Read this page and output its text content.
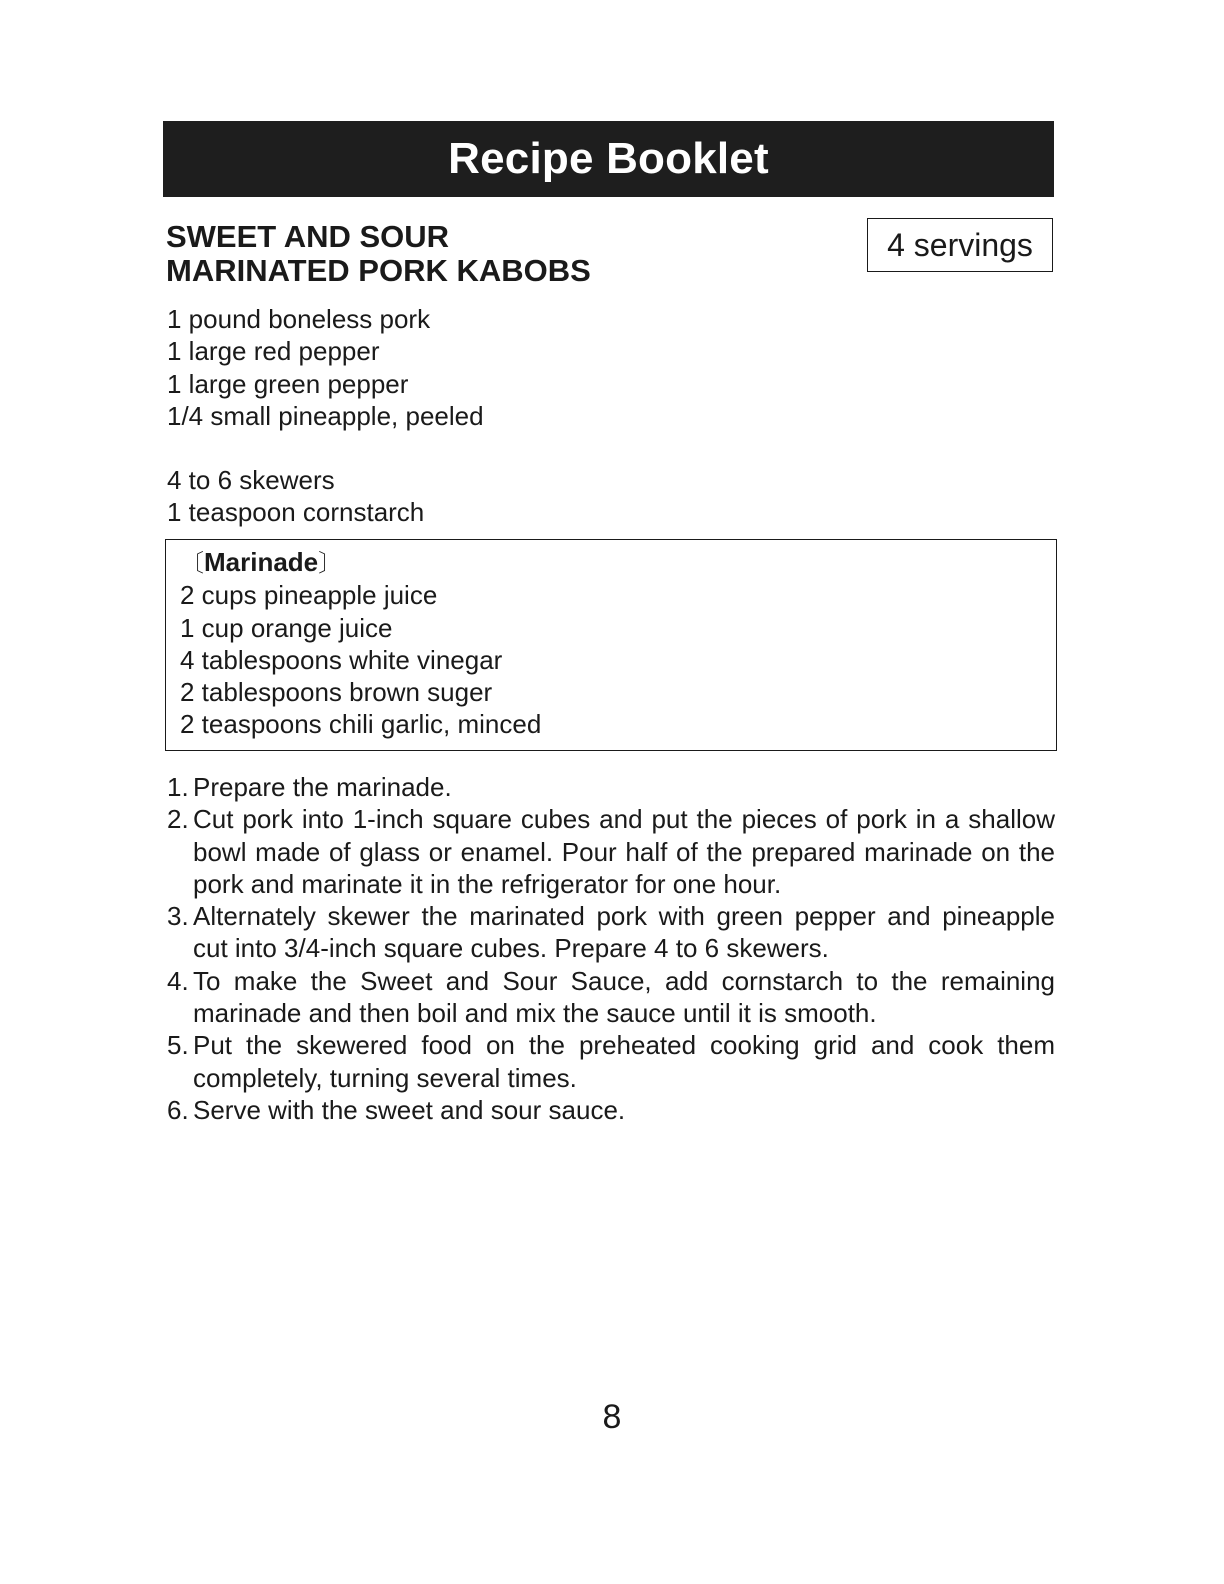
Recipe Booklet
SWEET AND SOUR
MARINATED PORK KABOBS
4 servings
1 pound boneless pork
1 large red pepper
1 large green pepper
1/4 small pineapple, peeled
4 to 6 skewers
1 teaspoon cornstarch
〔Marinade〕
2 cups pineapple juice
1 cup orange juice
4 tablespoons white vinegar
2 tablespoons brown suger
2 teaspoons chili garlic, minced
1. Prepare the marinade.
2. Cut pork into 1-inch square cubes and put the pieces of pork in a shallow bowl made of glass or enamel. Pour half of the prepared marinade on the pork and marinate it in the refrigerator for one hour.
3. Alternately skewer the marinated pork with green pepper and pineapple cut into 3/4-inch square cubes. Prepare 4 to 6 skewers.
4. To make the Sweet and Sour Sauce, add cornstarch to the remaining marinade and then boil and mix the sauce until it is smooth.
5. Put the skewered food on the preheated cooking grid and cook them completely, turning several times.
6. Serve with the sweet and sour sauce.
8
